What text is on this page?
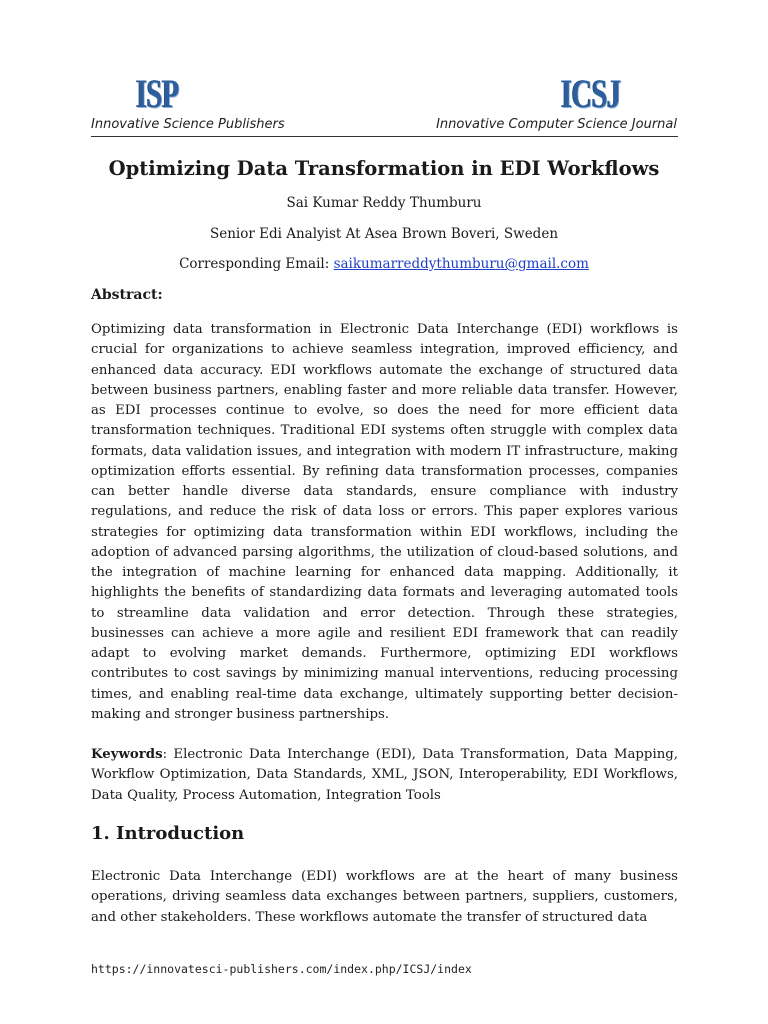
ISP	ICSJ
Innovative Science Publishers	Innovative Computer Science Journal
Optimizing Data Transformation in EDI Workflows
Sai Kumar Reddy Thumburu
Senior Edi Analyist At Asea Brown Boveri, Sweden
Corresponding Email: saikumarreddythumburu@gmail.com
Abstract:

Optimizing data transformation in Electronic Data Interchange (EDI) workflows is crucial for organizations to achieve seamless integration, improved efficiency, and enhanced data accuracy. EDI workflows automate the exchange of structured data between business partners, enabling faster and more reliable data transfer. However, as EDI processes continue to evolve, so does the need for more efficient data transformation techniques. Traditional EDI systems often struggle with complex data formats, data validation issues, and integration with modern IT infrastructure, making optimization efforts essential. By refining data transformation processes, companies can better handle diverse data standards, ensure compliance with industry regulations, and reduce the risk of data loss or errors. This paper explores various strategies for optimizing data transformation within EDI workflows, including the adoption of advanced parsing algorithms, the utilization of cloud-based solutions, and the integration of machine learning for enhanced data mapping. Additionally, it highlights the benefits of standardizing data formats and leveraging automated tools to streamline data validation and error detection. Through these strategies, businesses can achieve a more agile and resilient EDI framework that can readily adapt to evolving market demands. Furthermore, optimizing EDI workflows contributes to cost savings by minimizing manual interventions, reducing processing times, and enabling real-time data exchange, ultimately supporting better decision-making and stronger business partnerships.

Keywords: Electronic Data Interchange (EDI), Data Transformation, Data Mapping, Workflow Optimization, Data Standards, XML, JSON, Interoperability, EDI Workflows, Data Quality, Process Automation, Integration Tools

1. Introduction

Electronic Data Interchange (EDI) workflows are at the heart of many business operations, driving seamless data exchanges between partners, suppliers, customers, and other stakeholders. These workflows automate the transfer of structured data

https://innovatesci-publishers.com/index.php/ICSJ/index
